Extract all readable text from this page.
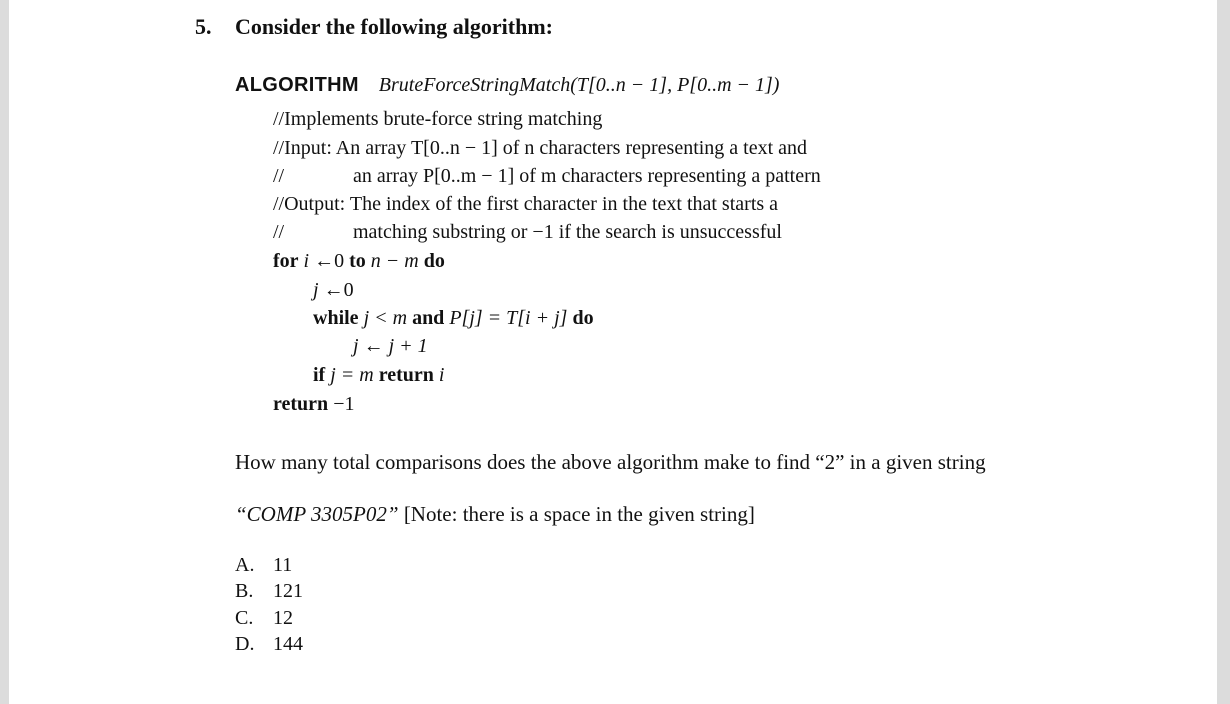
5. Consider the following algorithm:
ALGORITHM BruteForceStringMatch(T[0..n − 1], P[0..m − 1])
//Implements brute-force string matching
//Input: An array T[0..n − 1] of n characters representing a text and
//	an array P[0..m − 1] of m characters representing a pattern
//Output: The index of the first character in the text that starts a
//	matching substring or −1 if the search is unsuccessful
for i ←0 to n − m do
j ←0
while j < m and P[j] = T[i + j] do
j ← j + 1
if j = m return i
return −1
How many total comparisons does the above algorithm make to find “2” in a given string
“COMP 3305P02” [Note: there is a space in the given string]
A. 11
B. 121
C. 12
D. 144
